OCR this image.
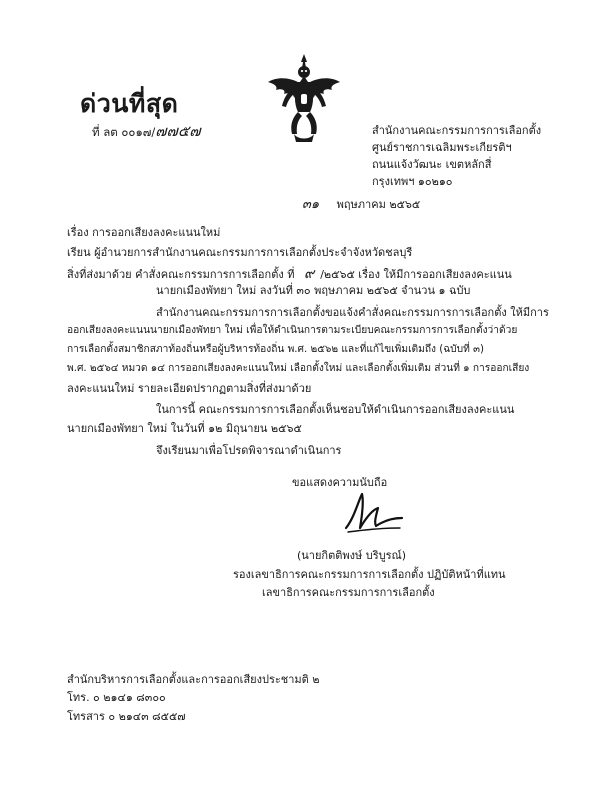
ด่วนที่สุด
ที่ ลต ๐๐๑๗/๗๗๕๗	สำนักงานคณะกรรมการการเลือกตั้ง
ศูนย์ราชการเฉลิมพระเกียรติฯ
ถนนแจ้งวัฒนะ เขตหลักสี่
กรุงเทพฯ ๑๐๒๑๐
๓๑ พฤษภาคม ๒๕๖๕
เรื่อง การออกเสียงลงคะแนนใหม่
เรียน ผู้อำนวยการสำนักงานคณะกรรมการการเลือกตั้งประจำจังหวัดชลบุรี
สิ่งที่ส่งมาด้วย คำสั่งคณะกรรมการการเลือกตั้ง ที่ ๙ /๒๕๖๕ เรื่อง ให้มีการออกเสียงลงคะแนน
นายกเมืองพัทยา ใหม่ ลงวันที่ ๓๐ พฤษภาคม ๒๕๖๕ จำนวน ๑ ฉบับ
สำนักงานคณะกรรมการการเลือกตั้งขอแจ้งคำสั่งคณะกรรมการการเลือกตั้ง ให้มีการ
ออกเสียงลงคะแนนนายกเมืองพัทยา ใหม่ เพื่อให้ดำเนินการตามระเบียบคณะกรรมการการเลือกตั้งว่าด้วย
การเลือกตั้งสมาชิกสภาท้องถิ่นหรือผู้บริหารท้องถิ่น พ.ศ. ๒๕๖๒ และที่แก้ไขเพิ่มเติมถึง (ฉบับที่ ๓)
พ.ศ. ๒๕๖๔ หมวด ๑๔ การออกเสียงลงคะแนนใหม่ เลือกตั้งใหม่ และเลือกตั้งเพิ่มเติม ส่วนที่ ๑ การออกเสียง
ลงคะแนนใหม่ รายละเอียดปรากฏตามสิ่งที่ส่งมาด้วย
ในการนี้ คณะกรรมการการเลือกตั้งเห็นชอบให้ดำเนินการออกเสียงลงคะแนน
นายกเมืองพัทยา ใหม่ ในวันที่ ๑๒ มิถุนายน ๒๕๖๕
จึงเรียนมาเพื่อโปรดพิจารณาดำเนินการ
ขอแสดงความนับถือ
(นายกิตติพงษ์ บริบูรณ์)
รองเลขาธิการคณะกรรมการการเลือกตั้ง ปฏิบัติหน้าที่แทน
เลขาธิการคณะกรรมการการเลือกตั้ง
สำนักบริหารการเลือกตั้งและการออกเสียงประชามติ ๒
โทร. ๐ ๒๑๔๑ ๘๓๐๐
โทรสาร ๐ ๒๑๔๓ ๘๕๕๗
